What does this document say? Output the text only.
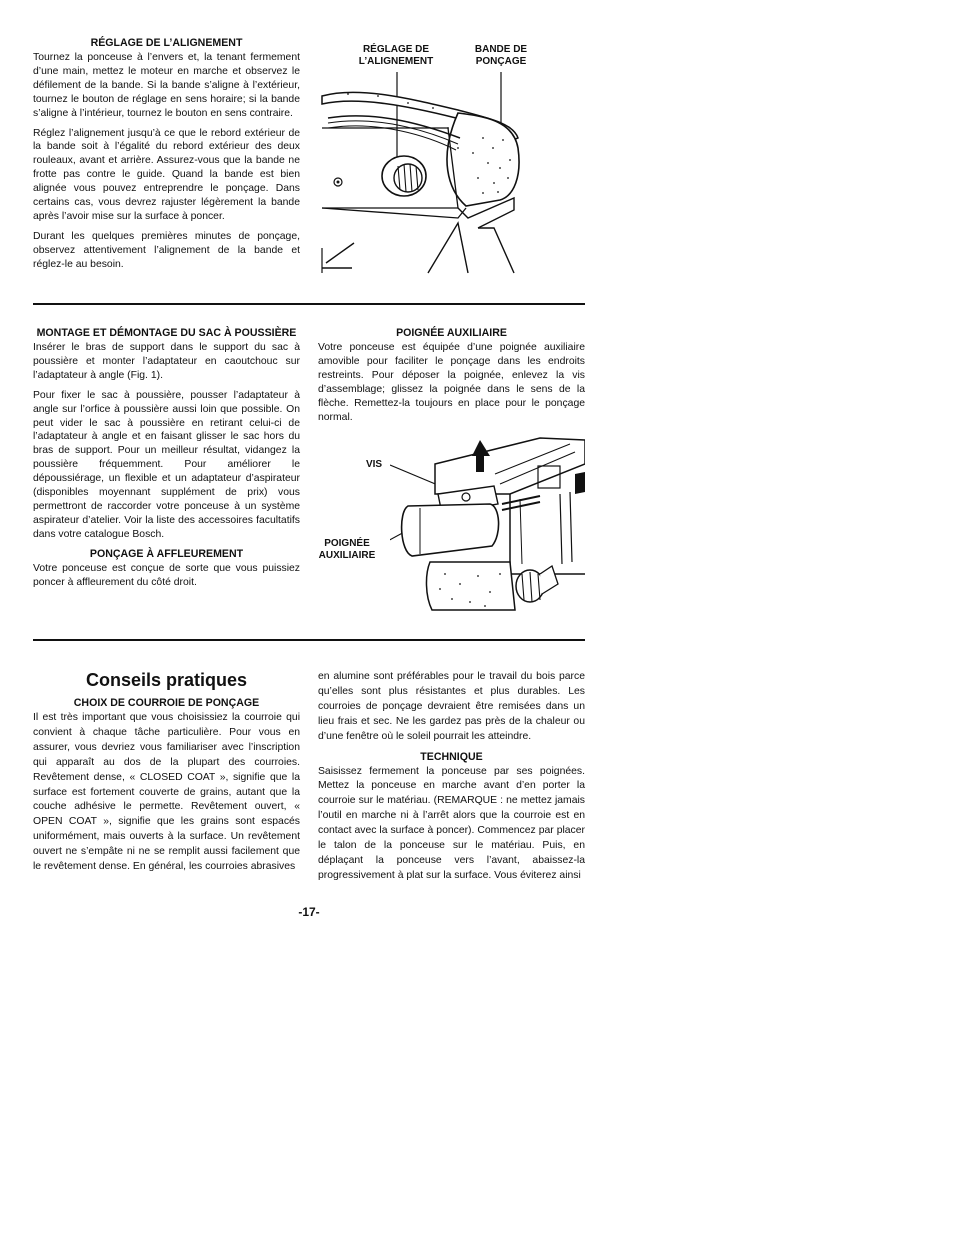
RÉGLAGE DE L’ALIGNEMENT

Tournez la ponceuse à l’envers et, la tenant fermement d’une main, mettez le moteur en marche et observez le défilement de la bande. Si la bande s’aligne à l’extérieur, tournez le bouton de réglage en sens horaire; si la bande s’aligne à l’intérieur, tournez le bouton en sens contraire.

Réglez l’alignement jusqu’à ce que le rebord extérieur de la bande soit à l’égalité du rebord extérieur des deux rouleaux, avant et arrière. Assurez-vous que la bande ne frotte pas contre le guide. Quand la bande est bien alignée vous pouvez entreprendre le ponçage. Dans certains cas, vous devrez rajuster légèrement la bande après l’avoir mise sur la surface à poncer.

Durant les quelques premières minutes de ponçage, observez attentivement l’alignement de la bande et réglez-le au besoin.

RÉGLAGE DE L’ALIGNEMENT
BANDE DE PONÇAGE
MONTAGE ET DÉMONTAGE DU SAC À POUSSIÈRE

Insérer le bras de support dans le support du sac à poussière et monter l’adaptateur en caoutchouc sur l’adaptateur à angle (Fig. 1).

Pour fixer le sac à poussière, pousser l’adaptateur à angle sur l’orfice à poussière aussi loin que possible. On peut vider le sac à poussière en retirant celui-ci de l’adaptateur à angle et en faisant glisser le sac hors du bras de support. Pour un meilleur résultat, vidangez la poussière fréquemment. Pour améliorer le dépoussiérage, un flexible et un adaptateur d’aspirateur (disponibles moyennant supplément de prix) vous permettront de raccorder votre ponceuse à un système aspirateur d’atelier. Voir la liste des accessoires facultatifs dans votre catalogue Bosch.

PONÇAGE À AFFLEUREMENT

Votre ponceuse est conçue de sorte que vous puissiez poncer à affleurement du côté droit.

POIGNÉE AUXILIAIRE

Votre ponceuse est équipée d’une poignée auxiliaire amovible pour faciliter le ponçage dans les endroits restreints. Pour déposer la poignée, enlevez la vis d’assemblage; glissez la poignée dans le sens de la flèche. Remettez-la toujours en place pour le ponçage normal.

VIS
POIGNÉE AUXILIAIRE
Conseils pratiques
CHOIX DE COURROIE DE PONÇAGE

Il est très important que vous choisissiez la courroie qui convient à chaque tâche particulière. Pour vous en assurer, vous devriez vous familiariser avec l’inscription qui apparaît au dos de la plupart des courroies. Revêtement dense, « CLOSED COAT », signifie que la surface est fortement couverte de grains, autant que la couche adhésive le permette. Revêtement ouvert, « OPEN COAT », signifie que les grains sont espacés uniformément, mais ouverts à la surface. Un revêtement ouvert ne s’empâte ni ne se remplit aussi facilement que le revêtement dense. En général, les courroies abrasives

en alumine sont préférables pour le travail du bois parce qu’elles sont plus résistantes et plus durables. Les courroies de ponçage devraient être remisées dans un lieu frais et sec. Ne les gardez pas près de la chaleur ou d’une fenêtre où le soleil pourrait les atteindre.

TECHNIQUE

Saisissez fermement la ponceuse par ses poignées. Mettez la ponceuse en marche avant d’en porter la courroie sur le matériau. (REMARQUE : ne mettez jamais l’outil en marche ni à l’arrêt alors que la courroie est en contact avec la surface à poncer). Commencez par placer le talon de la ponceuse sur le matériau. Puis, en déplaçant la ponceuse vers l’avant, abaissez-la progressivement à plat sur la surface. Vous éviterez ainsi

-17-
